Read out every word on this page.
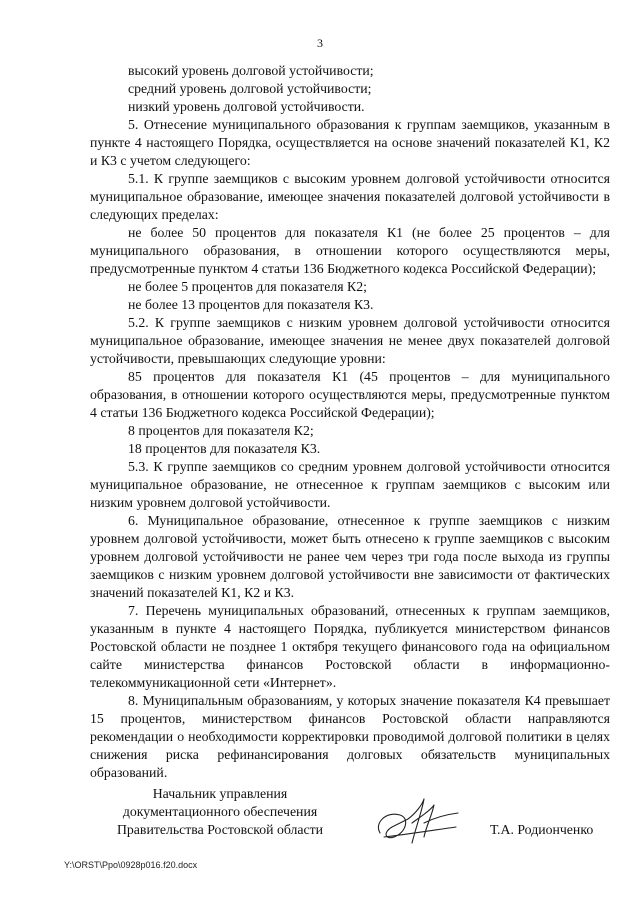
3

высокий уровень долговой устойчивости;

средний уровень долговой устойчивости;

низкий уровень долговой устойчивости.

5. Отнесение муниципального образования к группам заемщиков, указанным в пункте 4 настоящего Порядка, осуществляется на основе значений показателей К1, К2 и К3 с учетом следующего:

5.1. К группе заемщиков с высоким уровнем долговой устойчивости относится муниципальное образование, имеющее значения показателей долговой устойчивости в следующих пределах:

не более 50 процентов для показателя К1 (не более 25 процентов – для муниципального образования, в отношении которого осуществляются меры, предусмотренные пунктом 4 статьи 136 Бюджетного кодекса Российской Федерации);

не более 5 процентов для показателя К2;

не более 13 процентов для показателя К3.

5.2. К группе заемщиков с низким уровнем долговой устойчивости относится муниципальное образование, имеющее значения не менее двух показателей долговой устойчивости, превышающих следующие уровни:

85 процентов для показателя К1 (45 процентов – для муниципального образования, в отношении которого осуществляются меры, предусмотренные пунктом 4 статьи 136 Бюджетного кодекса Российской Федерации);

8 процентов для показателя К2;

18 процентов для показателя К3.

5.3. К группе заемщиков со средним уровнем долговой устойчивости относится муниципальное образование, не отнесенное к группам заемщиков с высоким или низким уровнем долговой устойчивости.

6. Муниципальное образование, отнесенное к группе заемщиков с низким уровнем долговой устойчивости, может быть отнесено к группе заемщиков с высоким уровнем долговой устойчивости не ранее чем через три года после выхода из группы заемщиков с низким уровнем долговой устойчивости вне зависимости от фактических значений показателей К1, К2 и К3.

7. Перечень муниципальных образований, отнесенных к группам заемщиков, указанным в пункте 4 настоящего Порядка, публикуется министерством финансов Ростовской области не позднее 1 октября текущего финансового года на официальном сайте министерства финансов Ростовской области в информационно-телекоммуникационной сети «Интернет».

8. Муниципальным образованиям, у которых значение показателя К4 превышает 15 процентов, министерством финансов Ростовской области направляются рекомендации о необходимости корректировки проводимой долговой политики в целях снижения риска рефинансирования долговых обязательств муниципальных образований.

Начальник управления
документационного обеспечения
Правительства Ростовской области	Т.А. Родионченко
Y:\ORST\Ppo\0928p016.f20.docx
